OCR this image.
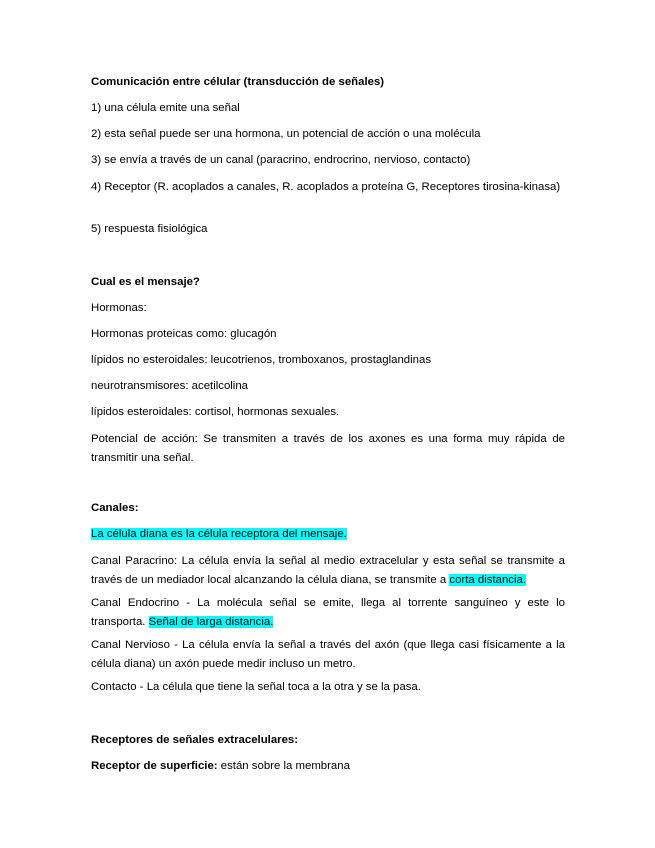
Comunicación entre célular (transducción de señales)
1) una célula emite una señal
2) esta señal puede ser una hormona, un potencial de acción o una molécula
3) se envía a través de un canal (paracrino, endrocrino, nervioso, contacto)
4) Receptor (R. acoplados a canales, R. acoplados a proteína G, Receptores tirosina-kinasa)
5) respuesta fisiológica
Cual es el mensaje?
Hormonas:
Hormonas proteicas como: glucagón
lípidos no esteroidales: leucotrienos, tromboxanos, prostaglandinas
neurotransmisores: acetilcolina
lípidos esteroidales: cortisol, hormonas sexuales.
Potencial de acción: Se transmiten a través de los axones es una forma muy rápida de transmitir una señal.
Canales:
La célula diana es la célula receptora del mensaje.
Canal Paracrino: La célula envía la señal al medio extracelular y esta señal se transmite a través de un mediador local alcanzando la célula diana, se transmite a corta distancia.
Canal Endocrino - La molécula señal se emite, llega al torrente sanguíneo y este lo transporta. Señal de larga distancia.
Canal Nervioso - La célula envía la señal a través del axón (que llega casi físicamente a la célula diana) un axón puede medir incluso un metro.
Contacto - La célula que tiene la señal toca a la otra y se la pasa.
Receptores de señales extracelulares:
Receptor de superficie: están sobre la membrana
